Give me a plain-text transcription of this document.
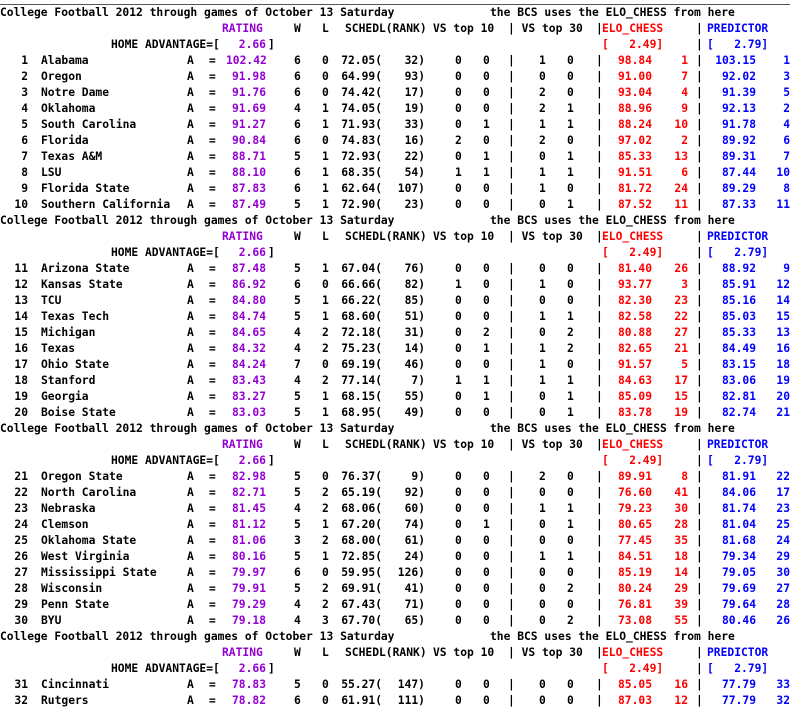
College Football 2012 through games of October 13 Saturday	the BCS uses the ELO_CHESS from here
RATING	W L SCHEDL(RANK) VS top 10 | VS top 30 | ELO_CHESS	| PREDICTOR
HOME ADVANTAGE=[	2.66 ]	[   2.49]	| [   2.79]
1 Alabama	A = 102.42 6 0 72.05(	32)	0 0 | 1 0 |	98.84	1 |	103.15	1
2 Oregon	A =	91.98 6 0 64.99(	93)	0 0 | 0 0 |	91.00	7 |	92.02	3
3 Notre Dame	A =	91.76 6 0 74.42(	17)	0 0 | 2 0 |	93.04	4 |	91.39	5
4 Oklahoma	A =	91.69 4 1 74.05(	19)	0 0 | 2 1 |	88.96	9 |	92.13	2
5 South Carolina	A =	91.27 6 1 71.93(	33)	0 1 | 1 1 |	88.24	10 |	91.78	4
6 Florida	A =	90.84 6 0 74.83(	16)	2 0 | 2 0 |	97.02	2 |	89.92	6
7 Texas A&M	A =	88.71 5 1 72.93(	22)	0 1 | 0 1 |	85.33	13 |	89.31	7
8 LSU	A =	88.10 6 1 68.35(	54)	1 1 | 1 1 |	91.51	6 |	87.44	10
9 Florida State	A =	87.83 6 1 62.64(	107)	0 0 | 1 0 |	81.72	24 |	89.29	8
10 Southern California A =	87.49 5 1 72.90(	23)	0 0 | 0 1 |	87.52	11 |	87.33	11
College Football 2012 through games of October 13 Saturday	the BCS uses the ELO_CHESS from here
RATING	W L SCHEDL(RANK) VS top 10 | VS top 30 | ELO_CHESS	| PREDICTOR
HOME ADVANTAGE=[	2.66 ]	[   2.49]	| [   2.79]
11 Arizona State	A =	87.48 5 1 67.04(	76)	0 0 | 0 0 |	81.40	26 |	88.92	9
12 Kansas State	A =	86.92 6 0 66.66(	82)	1 0 | 1 0 |	93.77	3 |	85.91	12
13 TCU	A =	84.80 5 1 66.22(	85)	0 0 | 0 0 |	82.30	23 |	85.16	14
14 Texas Tech	A =	84.74 5 1 68.60(	51)	0 0 | 1 1 |	82.58	22 |	85.03	15
15 Michigan	A =	84.65 4 2 72.18(	31)	0 2 | 0 2 |	80.88	27 |	85.33	13
16 Texas	A =	84.32 4 2 75.23(	14)	0 1 | 1 2 |	82.65	21 |	84.49	16
17 Ohio State	A =	84.24 7 0 69.19(	46)	0 0 | 1 0 |	91.57	5 |	83.15	18
18 Stanford	A =	83.43 4 2 77.14(	7)	1 1 | 1 1 |	84.63	17 |	83.06	19
19 Georgia	A =	83.27 5 1 68.15(	55)	0 1 | 0 1 |	85.09	15 |	82.81	20
20 Boise State	A =	83.03 5 1 68.95(	49)	0 0 | 0 1 |	83.78	19 |	82.74	21
College Football 2012 through games of October 13 Saturday	the BCS uses the ELO_CHESS from here
RATING	W L SCHEDL(RANK) VS top 10 | VS top 30 | ELO_CHESS	| PREDICTOR
HOME ADVANTAGE=[	2.66 ]	[   2.49]	| [   2.79]
21 Oregon State	A =	82.98 5 0 76.37(	9)	0 0 | 2 0 |	89.91	8 |	81.91	22
22 North Carolina	A =	82.71 5 2 65.19(	92)	0 0 | 0 0 |	76.60	41 |	84.06	17
23 Nebraska	A =	81.45 4 2 68.06(	60)	0 0 | 1 1 |	79.23	30 |	81.74	23
24 Clemson	A =	81.12 5 1 67.20(	74)	0 1 | 0 1 |	80.65	28 |	81.04	25
25 Oklahoma State	A =	81.06 3 2 68.00(	61)	0 0 | 0 0 |	77.45	35 |	81.68	24
26 West Virginia	A =	80.16 5 1 72.85(	24)	0 0 | 1 1 |	84.51	18 |	79.34	29
27 Mississippi State	A =	79.97 6 0 59.95(	126)	0 0 | 0 0 |	85.19	14 |	79.05	30
28 Wisconsin	A =	79.91 5 2 69.91(	41)	0 0 | 0 2 |	80.24	29 |	79.69	27
29 Penn State	A =	79.29 4 2 67.43(	71)	0 0 | 0 0 |	76.81	39 |	79.64	28
30 BYU	A =	79.18 4 3 67.70(	65)	0 0 | 0 2 |	73.08	55 |	80.46	26
College Football 2012 through games of October 13 Saturday	the BCS uses the ELO_CHESS from here
RATING	W L SCHEDL(RANK) VS top 10 | VS top 30 | ELO_CHESS	| PREDICTOR
HOME ADVANTAGE=[	2.66 ]	[   2.49]	| [   2.79]
31 Cincinnati	A =	78.83 5 0 55.27(	147)	0 0 | 0 0 |	85.05	16 |	77.79	33
32 Rutgers	A =	78.82 6 0 61.91(	111)	0 0 | 0 0 |	87.03	12 |	77.79	32
